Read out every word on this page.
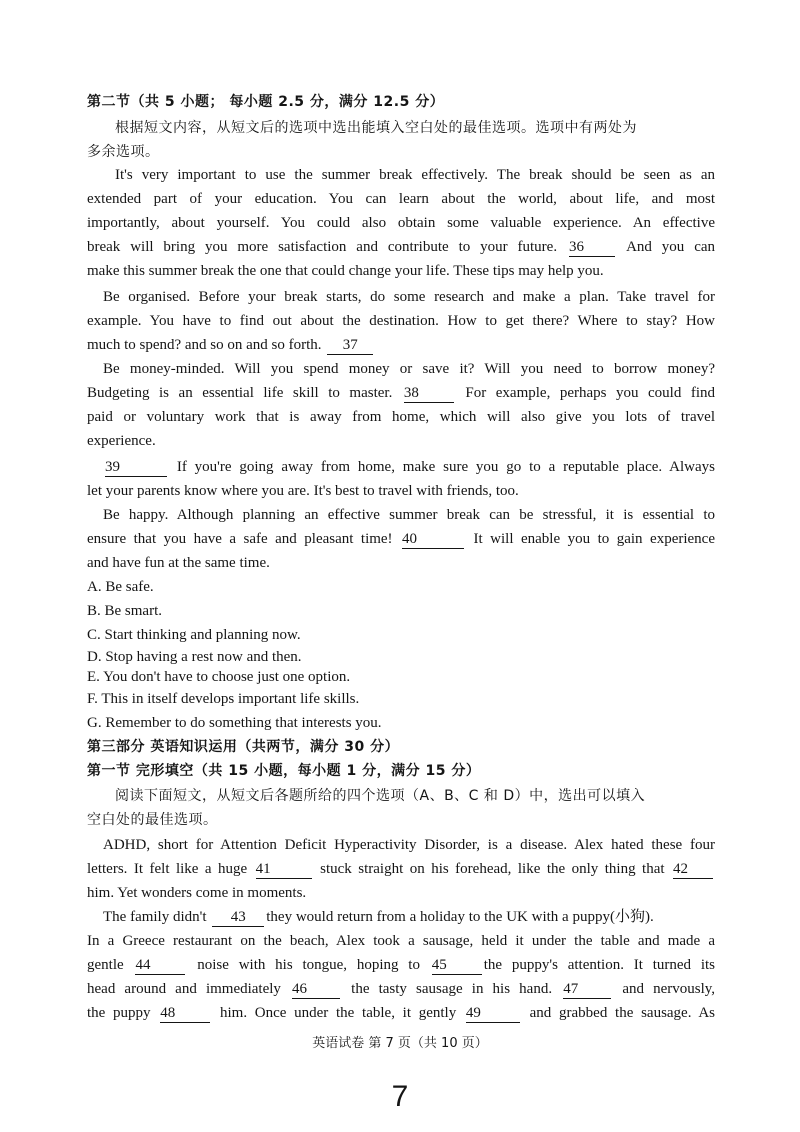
第二节（共 5 小题； 每小题 2.5 分，满分 12.5 分）
根据短文内容，从短文后的选项中选出能填入空白处的最佳选项。选项中有两处为
多余选项。
It's very important to use the summer break effectively. The break should be seen as an
extended part of your education. You can learn about the world, about life, and most
importantly, about yourself. You could also obtain some valuable experience. An effective
break will bring you more satisfaction and contribute to your future. 36	And you can
make this summer break the one that could change your life. These tips may help you.
Be organised. Before your break starts, do some research and make a plan. Take travel for
example. You have to find out about the destination. How to get there? Where to stay? How
much to spend? and so on and so forth. 37
Be money-minded. Will you spend money or save it? Will you need to borrow money?
Budgeting is an essential life skill to master. 38	For example, perhaps you could find
paid or voluntary work that is away from home, which will also give you lots of travel
experience.
39	If you're going away from home, make sure you go to a reputable place. Always
let your parents know where you are. It's best to travel with friends, too.
Be happy. Although planning an effective summer break can be stressful, it is essential to
ensure that you have a safe and pleasant time! 40	It will enable you to gain experience
and have fun at the same time.
A. Be safe.
B. Be smart.
C. Start thinking and planning now.
D. Stop having a rest now and then.
E. You don't have to choose just one option.
F. This in itself develops important life skills.
G. Remember to do something that interests you.
第三部分 英语知识运用（共两节，满分 30 分）
第一节 完形填空（共 15 小题，每小题 1 分，满分 15 分）
阅读下面短文，从短文后各题所给的四个选项（A、B、C 和 D）中，选出可以填入
空白处的最佳选项。
ADHD, short for Attention Deficit Hyperactivity Disorder, is a disease. Alex hated these four
letters. It felt like a huge 41	stuck straight on his forehead, like the only thing that 42
him. Yet wonders come in moments.
The family didn't 43 they would return from a holiday to the UK with a puppy(小狗).
In a Greece restaurant on the beach, Alex took a sausage, held it under the table and made a
gentle 44	noise with his tongue, hoping to 45 the puppy's attention. It turned its
head around and immediately 46	the tasty sausage in his hand. 47	and nervously,
the puppy 48	him. Once under the table, it gently 49	and grabbed the sausage. As
英语试卷 第 7 页（共 10 页）
7
